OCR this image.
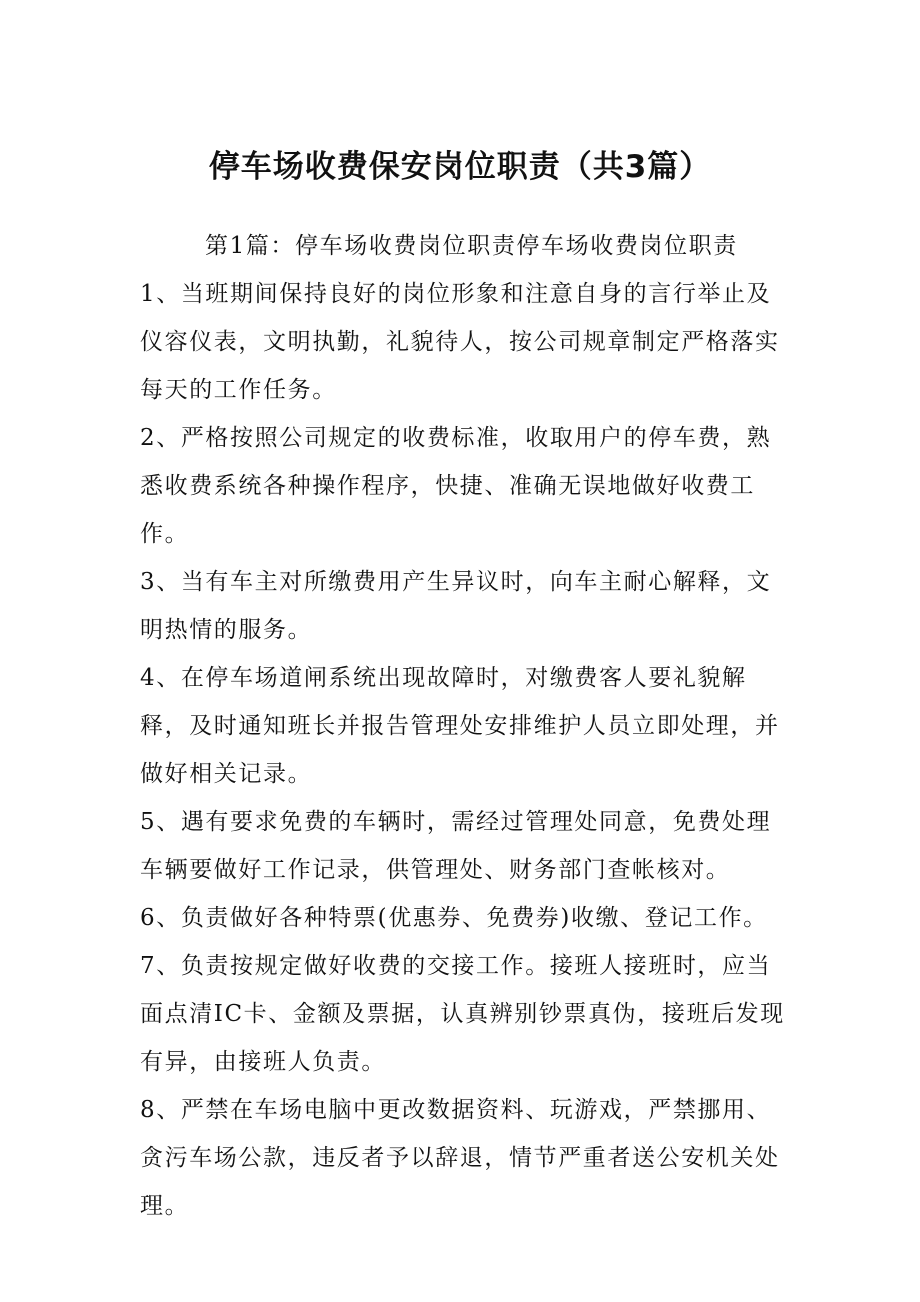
停车场收费保安岗位职责（共3篇）

第1篇：停车场收费岗位职责停车场收费岗位职责

1、当班期间保持良好的岗位形象和注意自身的言行举止及仪容仪表，文明执勤，礼貌待人，按公司规章制定严格落实每天的工作任务。

2、严格按照公司规定的收费标准，收取用户的停车费，熟悉收费系统各种操作程序，快捷、准确无误地做好收费工作。

3、当有车主对所缴费用产生异议时，向车主耐心解释，文明热情的服务。

4、在停车场道闸系统出现故障时，对缴费客人要礼貌解释，及时通知班长并报告管理处安排维护人员立即处理，并做好相关记录。

5、遇有要求免费的车辆时，需经过管理处同意，免费处理车辆要做好工作记录，供管理处、财务部门查帐核对。

6、负责做好各种特票(优惠券、免费券)收缴、登记工作。

7、负责按规定做好收费的交接工作。接班人接班时，应当面点清IC卡、金额及票据，认真辨别钞票真伪，接班后发现有异，由接班人负责。

8、严禁在车场电脑中更改数据资料、玩游戏，严禁挪用、贪污车场公款，违反者予以辞退，情节严重者送公安机关处理。
